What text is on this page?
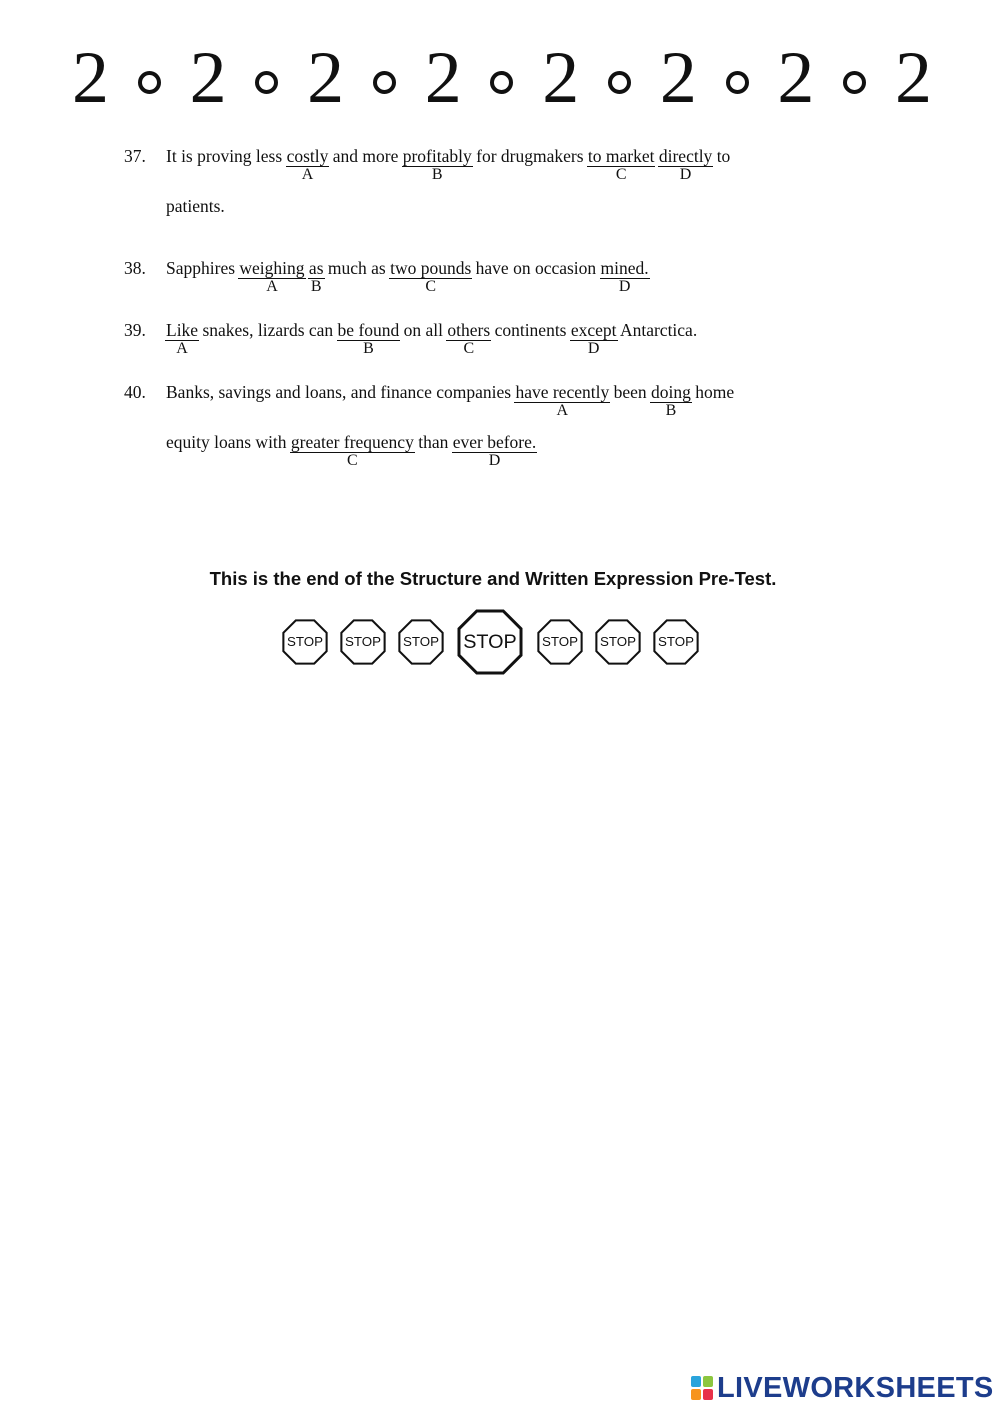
2 2 2 2 2 2 2 2
37.	It is proving less costly
A
and more profitably
B
for drugmakers to market
C
directly
D
to
patients.
38.	Sapphires weighing
A
as
B
much as two pounds
C
have on occasion mined.
D
39.	Like
A
snakes, lizards can be found
B
on all others
C
continents except
D
Antarctica.
40.	Banks, savings and loans, and finance companies have recently
A
been doing
B
home
equity loans with greater frequency
C
than ever before.
D
This is the end of the Structure and Written Expression Pre-Test.
STOP STOP STOP STOP STOP STOP STOP
LIVEWORKSHEETS
